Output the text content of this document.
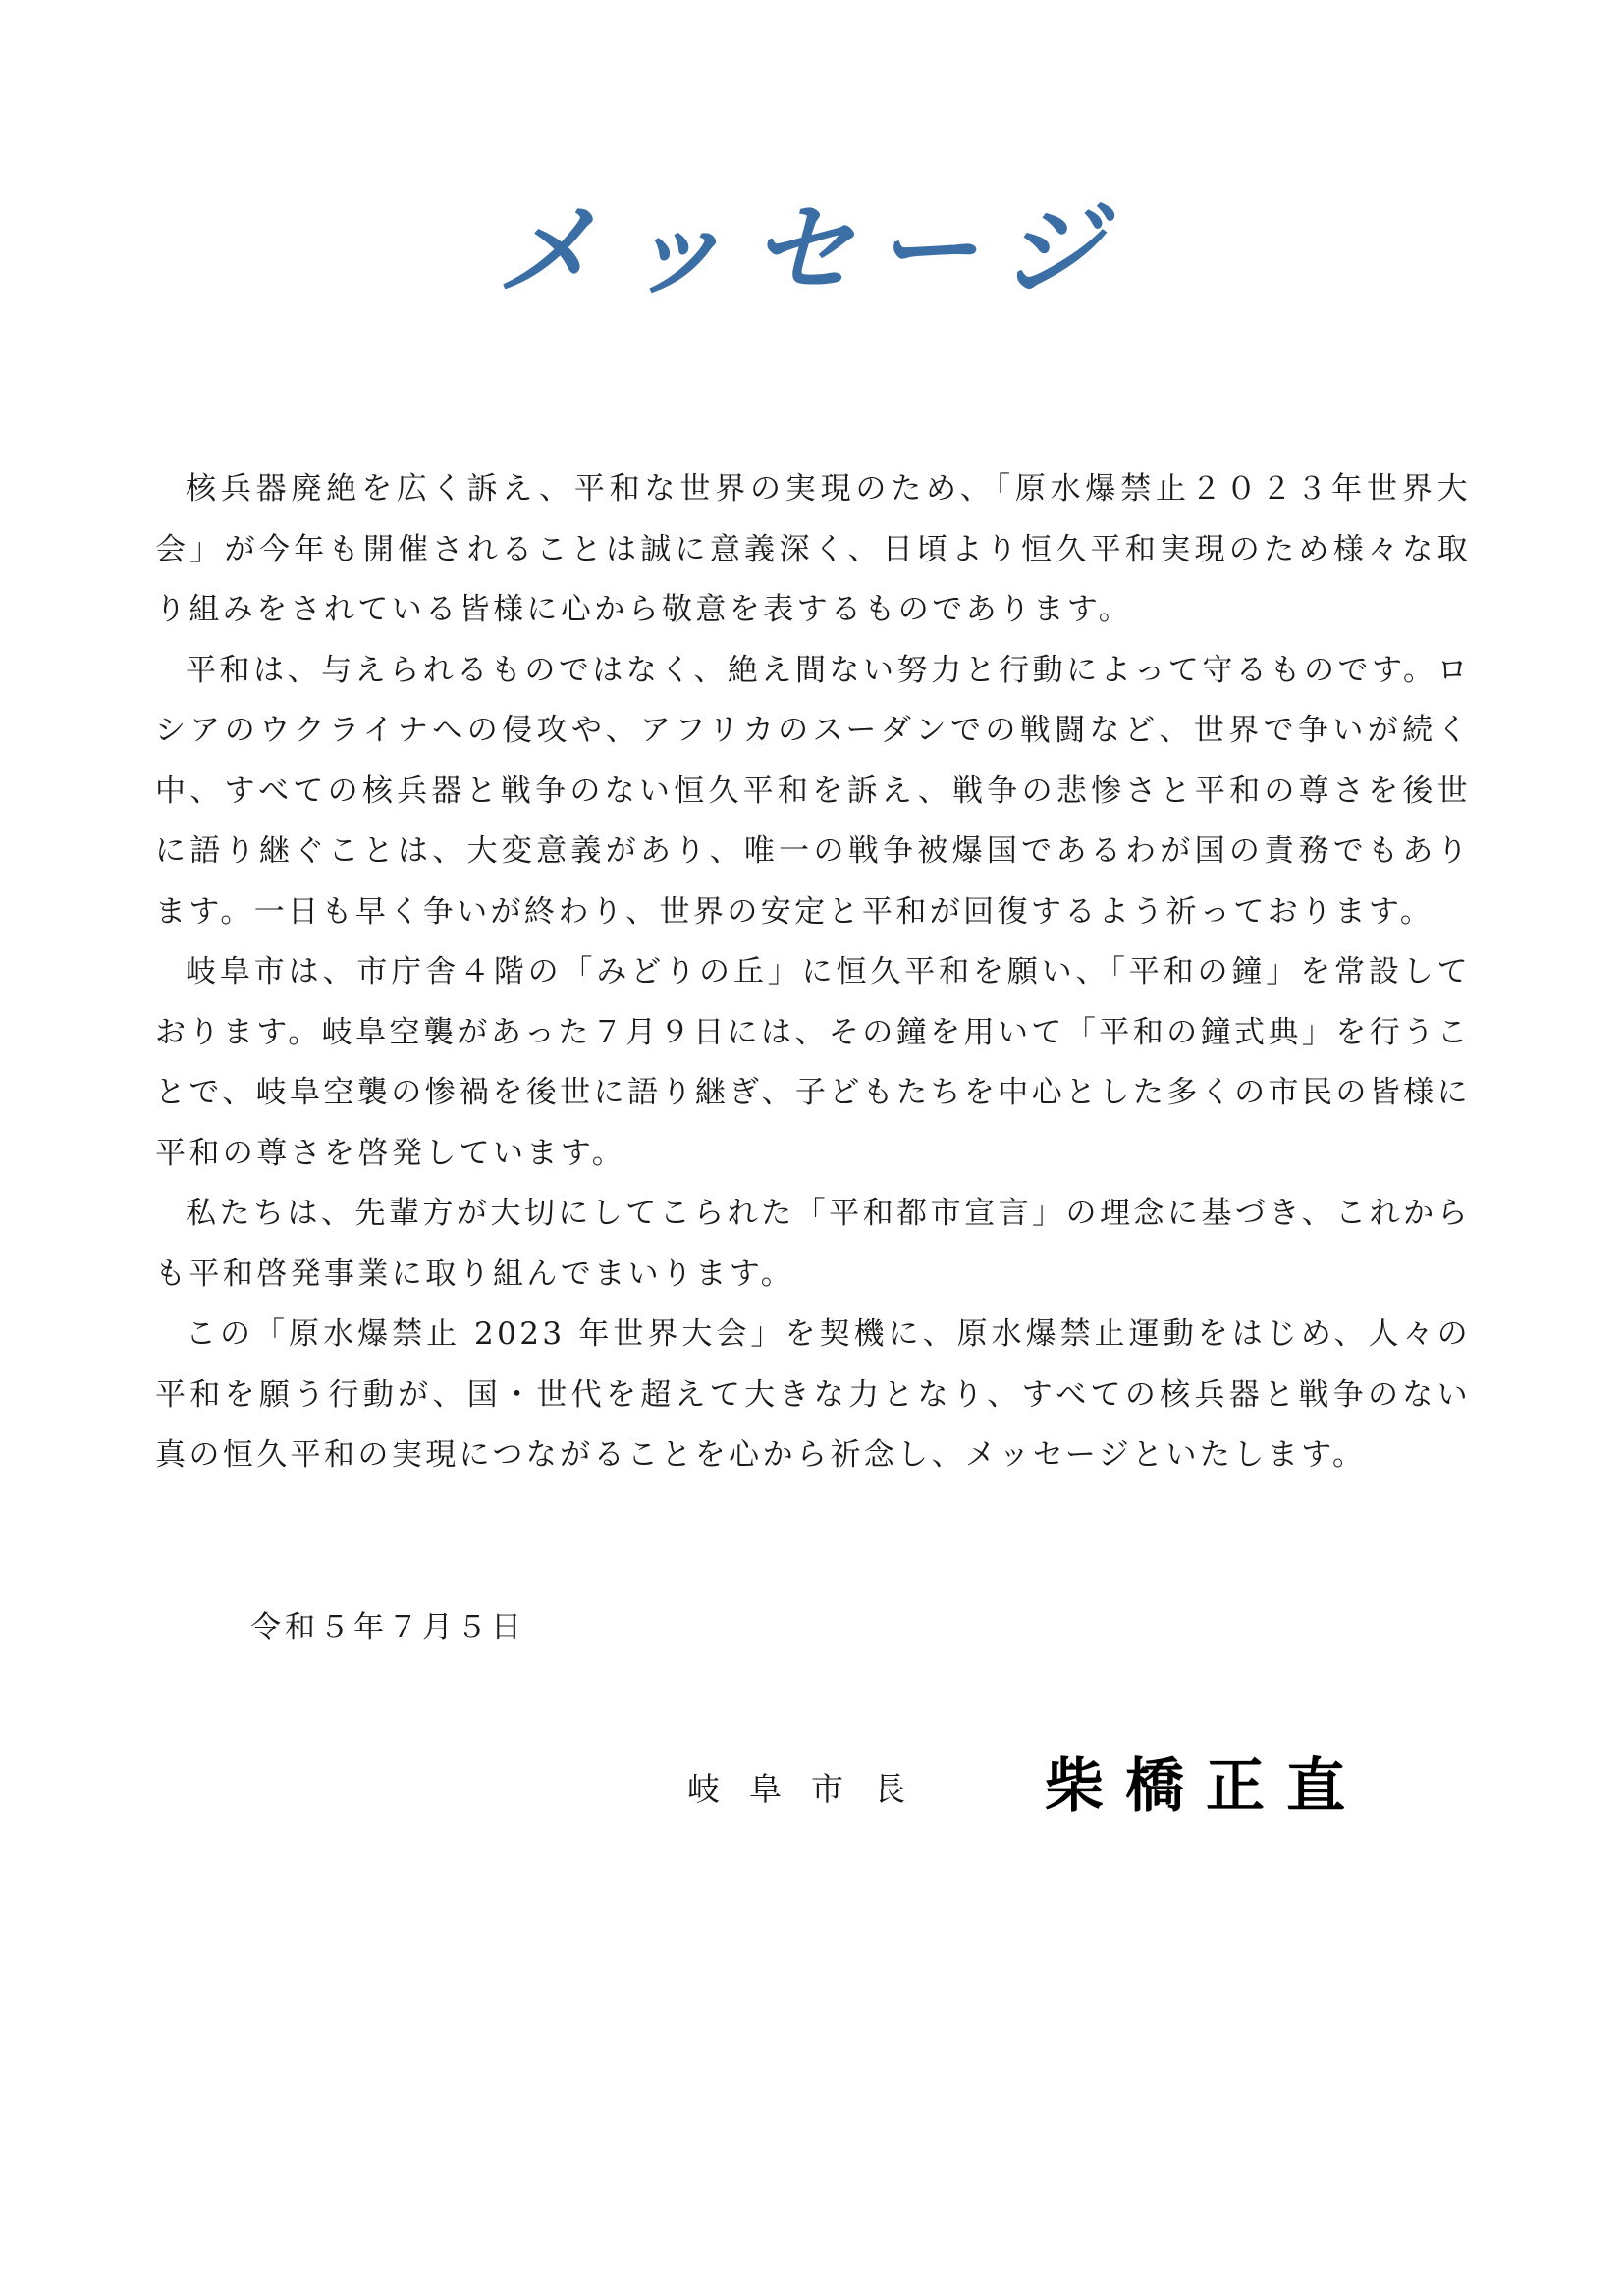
メッセージ

核兵器廃絶を広く訴え、平和な世界の実現のため、「原水爆禁止２０２３年世界大会」が今年も開催されることは誠に意義深く、日頃より恒久平和実現のため様々な取り組みをされている皆様に心から敬意を表するものであります。

平和は、与えられるものではなく、絶え間ない努力と行動によって守るものです。ロシアのウクライナへの侵攻や、アフリカのスーダンでの戦闘など、世界で争いが続く中、すべての核兵器と戦争のない恒久平和を訴え、戦争の悲惨さと平和の尊さを後世に語り継ぐことは、大変意義があり、唯一の戦争被爆国であるわが国の責務でもあります。一日も早く争いが終わり、世界の安定と平和が回復するよう祈っております。

岐阜市は、市庁舎４階の「みどりの丘」に恒久平和を願い、「平和の鐘」を常設しております。岐阜空襲があった７月９日には、その鐘を用いて「平和の鐘式典」を行うことで、岐阜空襲の惨禍を後世に語り継ぎ、子どもたちを中心とした多くの市民の皆様に平和の尊さを啓発しています。

私たちは、先輩方が大切にしてこられた「平和都市宣言」の理念に基づき、これからも平和啓発事業に取り組んでまいります。

この「原水爆禁止 2023 年世界大会」を契機に、原水爆禁止運動をはじめ、人々の平和を願う行動が、国・世代を超えて大きな力となり、すべての核兵器と戦争のない真の恒久平和の実現につながることを心から祈念し、メッセージといたします。

令和５年７月５日
岐阜市長 柴橋正直
